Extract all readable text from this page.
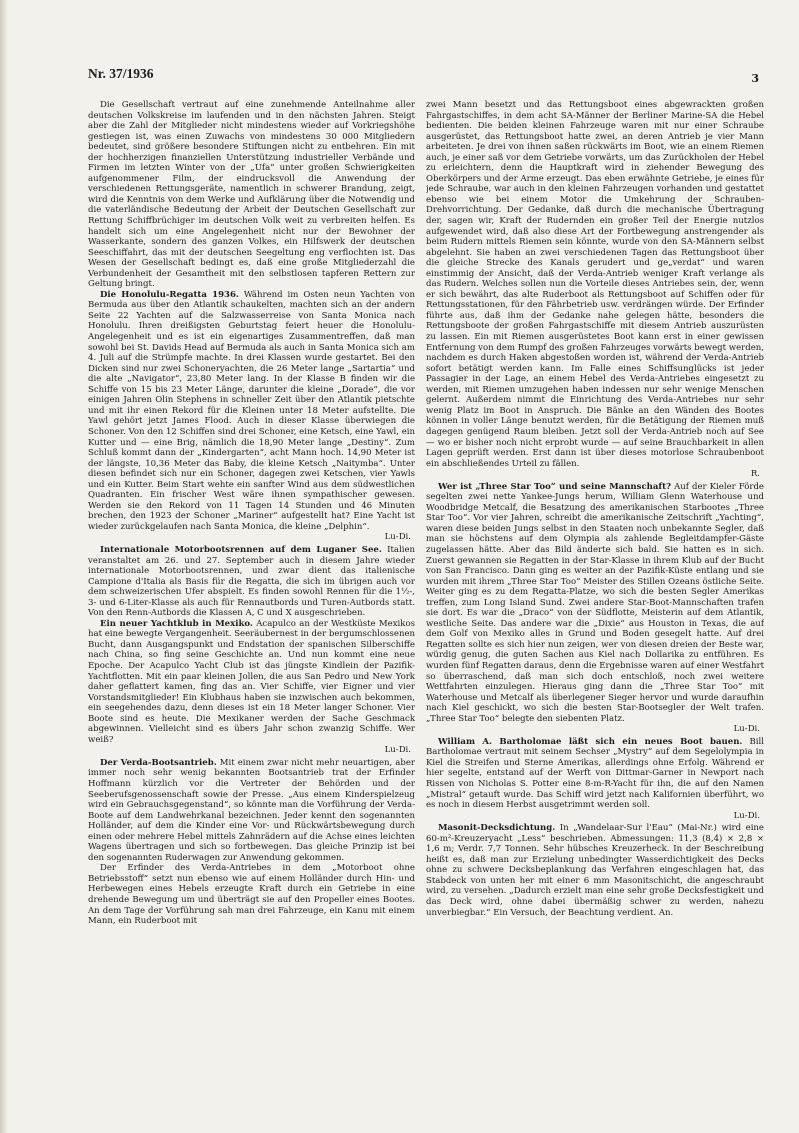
Nr. 37/1936	3

Die Gesellschaft vertraut auf eine zunehmende Anteilnahme aller deutschen Volkskreise im laufenden und in den nächsten Jahren. Steigt aber die Zahl der Mitglieder nicht mindestens wieder auf Vorkriegshöhe gestiegen ist, was einen Zuwachs von mindestens 30 000 Mitgliedern bedeutet, sind größere besondere Stiftungen nicht zu entbehren. Ein mit der hochherzigen finanziellen Unterstützung industrieller Verbände und Firmen im letzten Winter von der „Ufa“ unter großen Schwierigkeiten aufgenommener Film, der eindrucksvoll die Anwendung der verschiedenen Rettungsgeräte, namentlich in schwerer Brandung, zeigt, wird die Kenntnis von dem Werke und Aufklärung über die Notwendig und die vaterländische Bedeutung der Arbeit der Deutschen Gesellschaft zur Rettung Schiffbrüchiger im deutschen Volk weit zu verbreiten helfen. Es handelt sich um eine Angelegenheit nicht nur der Bewohner der Wasserkante, sondern des ganzen Volkes, ein Hilfswerk der deutschen Seeschiffahrt, das mit der deutschen Seegeltung eng verflochten ist. Das Wesen der Gesellschaft bedingt es, daß eine große Mitgliederzahl die Verbundenheit der Gesamtheit mit den selbstlosen tapferen Rettern zur Geltung bringt.

Die Honolulu-Regatta 1936. Während im Osten neun Yachten von Bermuda aus über den Atlantik schaukelten, machten sich an der andern Seite 22 Yachten auf die Salzwasserreise von Santa Monica nach Honolulu. Ihren dreißigsten Geburtstag feiert heuer die Honolulu-Angelegenheit und es ist ein eigenartiges Zusammentreffen, daß man sowohl bei St. Davids Head auf Bermuda als auch in Santa Monica sich am 4. Juli auf die Strümpfe machte. In drei Klassen wurde gestartet. Bei den Dicken sind nur zwei Schoneryachten, die 26 Meter lange „Sartartia“ und die alte „Navigator“, 23,80 Meter lang. In der Klasse B finden wir die Schiffe von 15 bis 23 Meter Länge, darunter die kleine „Dorade“, die vor einigen Jahren Olin Stephens in schneller Zeit über den Atlantik pietschte und mit ihr einen Rekord für die Kleinen unter 18 Meter aufstellte. Die Yawl gehört jetzt James Flood. Auch in dieser Klasse überwiegen die Schoner. Von den 12 Schiffen sind drei Schoner, eine Ketsch, eine Yawl, ein Kutter und — eine Brig, nämlich die 18,90 Meter lange „Destiny“. Zum Schluß kommt dann der „Kindergarten“, acht Mann hoch. 14,90 Meter ist der längste, 10,36 Meter das Baby, die kleine Ketsch „Naitymba“. Unter diesen befindet sich nur ein Schoner, dagegen zwei Ketschen, vier Yawls und ein Kutter. Beim Start wehte ein sanfter Wind aus dem südwestlichen Quadranten. Ein frischer West wäre ihnen sympathischer gewesen. Werden sie den Rekord von 11 Tagen 14 Stunden und 46 Minuten brechen, den 1923 der Schoner „Mariner“ aufgestellt hat? Eine Yacht ist wieder zurückgelaufen nach Santa Monica, die kleine „Delphin“.

Lu-Di.

Internationale Motorbootsrennen auf dem Luganer See. Italien veranstaltet am 26. und 27. September auch in diesem Jahre wieder internationale Motorbootsrennen, und zwar dient das italienische Campione d'Italia als Basis für die Regatta, die sich im übrigen auch vor dem schweizerischen Ufer abspielt. Es finden sowohl Rennen für die 1½-, 3- und 6-Liter-Klasse als auch für Rennautbords und Turen-Autbords statt. Von den Renn-Autbords die Klassen A, C und X ausgeschrieben.

Ein neuer Yachtklub in Mexiko. Acapulco an der Westküste Mexikos hat eine bewegte Vergangenheit. Seeräubernest in der bergumschlossenen Bucht, dann Ausgangspunkt und Endstation der spanischen Silberschiffe nach China, so fing seine Geschichte an. Und nun kommt eine neue Epoche. Der Acapulco Yacht Club ist das jüngste Kindlein der Pazifik-Yachtflotten. Mit ein paar kleinen Jollen, die aus San Pedro und New York daher geflattert kamen, fing das an. Vier Schiffe, vier Eigner und vier Vorstandsmitglieder! Ein Klubhaus haben sie inzwischen auch bekommen, ein seegehendes dazu, denn dieses ist ein 18 Meter langer Schoner. Vier Boote sind es heute. Die Mexikaner werden der Sache Geschmack abgewinnen. Vielleicht sind es übers Jahr schon zwanzig Schiffe. Wer weiß?

Lu-Di.

Der Verda-Bootsantrieb. Mit einem zwar nicht mehr neuartigen, aber immer noch sehr wenig bekannten Bootsantrieb trat der Erfinder Hoffmann kürzlich vor die Vertreter der Behörden und der Seeberufsgenossenschaft sowie der Presse. „Aus einem Kinderspielzeug wird ein Gebrauchsgegenstand“, so könnte man die Vorführung der Verda-Boote auf dem Landwehrkanal bezeichnen. Jeder kennt den sogenannten Holländer, auf dem die Kinder eine Vor- und Rückwärtsbewegung durch einen oder mehrere Hebel mittels Zahnrädern auf die Achse eines leichten Wagens übertragen und sich so fortbewegen. Das gleiche Prinzip ist bei den sogenannten Ruderwagen zur Anwendung gekommen.

Der Erfinder des Verda-Antriebes in dem „Motorboot ohne Betriebsstoff“ setzt nun ebenso wie auf einem Holländer durch Hin- und Herbewegen eines Hebels erzeugte Kraft durch ein Getriebe in eine drehende Bewegung um und überträgt sie auf den Propeller eines Bootes. An dem Tage der Vorführung sah man drei Fahrzeuge, ein Kanu mit einem Mann, ein Ruderboot mit

zwei Mann besetzt und das Rettungsboot eines abgewrackten großen Fahrgastschiffes, in dem acht SA-Männer der Berliner Marine-SA die Hebel bedienten. Die beiden kleinen Fahrzeuge waren mit nur einer Schraube ausgerüstet, das Rettungsboot hatte zwei, an deren Antrieb je vier Mann arbeiteten. Je drei von ihnen saßen rückwärts im Boot, wie an einem Riemen auch, je einer saß vor dem Getriebe vorwärts, um das Zurückholen der Hebel zu erleichtern, denn die Hauptkraft wird in ziehender Bewegung des Oberkörpers und der Arme erzeugt. Das eben erwähnte Getriebe, je eines für jede Schraube, war auch in den kleinen Fahrzeugen vorhanden und gestattet ebenso wie bei einem Motor die Umkehrung der Schrauben-Drehvorrichtung. Der Gedanke, daß durch die mechanische Übertragung der, sagen wir, Kraft der Rudernden ein großer Teil der Energie nutzlos aufgewendet wird, daß also diese Art der Fortbewegung anstrengender als beim Rudern mittels Riemen sein könnte, wurde von den SA-Männern selbst abgelehnt. Sie haben an zwei verschiedenen Tagen das Rettungsboot über die gleiche Strecke des Kanals gerudert und ge„verdat“ und waren einstimmig der Ansicht, daß der Verda-Antrieb weniger Kraft verlange als das Rudern. Welches sollen nun die Vorteile dieses Antriebes sein, der, wenn er sich bewährt, das alte Ruderboot als Rettungsboot auf Schiffen oder für Rettungsstationen, für den Fährbetrieb usw. verdrängen würde. Der Erfinder führte aus, daß ihm der Gedanke nahe gelegen hätte, besonders die Rettungsboote der großen Fahrgastschiffe mit diesem Antrieb auszurüsten zu lassen. Ein mit Riemen ausgerüstetes Boot kann erst in einer gewissen Entfernung von dem Rumpf des großen Fahrzeuges vorwärts bewegt werden, nachdem es durch Haken abgestoßen worden ist, während der Verda-Antrieb sofort betätigt werden kann. Im Falle eines Schiffsunglücks ist jeder Passagier in der Lage, an einem Hebel des Verda-Antriebes eingesetzt zu werden, mit Riemen umzugehen haben indessen nur sehr wenige Menschen gelernt. Außerdem nimmt die Einrichtung des Verda-Antriebes nur sehr wenig Platz im Boot in Anspruch. Die Bänke an den Wänden des Bootes können in voller Länge benutzt werden, für die Betätigung der Riemen muß dagegen genügend Raum bleiben. Jetzt soll der Verda-Antrieb noch auf See — wo er bisher noch nicht erprobt wurde — auf seine Brauchbarkeit in allen Lagen geprüft werden. Erst dann ist über dieses motorlose Schraubenboot ein abschließendes Urteil zu fällen.

R.

Wer ist „Three Star Too“ und seine Mannschaft? Auf der Kieler Förde segelten zwei nette Yankee-Jungs herum, William Glenn Waterhouse und Woodbridge Metcalf, die Besatzung des amerikanischen Starbootes „Three Star Too“. Vor vier Jahren, schreibt die amerikanische Zeitschrift „Yachting“, waren diese beiden Jungs selbst in den Staaten noch unbekannte Segler, daß man sie höchstens auf dem Olympia als zahlende Begleitdampfer-Gäste zugelassen hätte. Aber das Bild änderte sich bald. Sie hatten es in sich. Zuerst gewannen sie Regatten in der Star-Klasse in ihrem Klub auf der Bucht von San Francisco. Dann ging es weiter an der Pazifik-Küste entlang und sie wurden mit ihrem „Three Star Too“ Meister des Stillen Ozeans östliche Seite. Weiter ging es zu dem Regatta-Platze, wo sich die besten Segler Amerikas treffen, zum Long Island Sund. Zwei andere Star-Boot-Mannschaften trafen sie dort. Es war die „Draco“ von der Südflotte, Meisterin auf dem Atlantik, westliche Seite. Das andere war die „Dixie“ aus Houston in Texas, die auf dem Golf von Mexiko alles in Grund und Boden gesegelt hatte. Auf drei Regatten sollte es sich hier nun zeigen, wer von diesen dreien der Beste war, würdig genug, die guten Sachen aus Kiel nach Dollarika zu entführen. Es wurden fünf Regatten daraus, denn die Ergebnisse waren auf einer Westfahrt so überraschend, daß man sich doch entschloß, noch zwei weitere Wettfahrten einzulegen. Hieraus ging dann die „Three Star Too“ mit Waterhouse und Metcalf als überlegener Sieger hervor und wurde daraufhin nach Kiel geschickt, wo sich die besten Star-Bootsegler der Welt trafen. „Three Star Too“ belegte den siebenten Platz.

Lu-Di.

William A. Bartholomae läßt sich ein neues Boot bauen. Bill Bartholomae vertraut mit seinem Sechser „Mystry“ auf dem Segelolympia in Kiel die Streifen und Sterne Amerikas, allerdings ohne Erfolg. Während er hier segelte, entstand auf der Werft von Dittmar-Garner in Newport nach Rissen von Nicholas S. Potter eine 8-m-R-Yacht für ihn, die auf den Namen „Mistral“ getauft wurde. Das Schiff wird jetzt nach Kalifornien überführt, wo es noch in diesem Herbst ausgetrimmt werden soll.

Lu-Di.

Masonit-Decksdichtung. In „Wandelaar-Sur l'Eau“ (Mai-Nr.) wird eine 60-m²-Kreuzeryacht „Less“ beschrieben. Abmessungen: 11,3 (8,4) × 2,8 × 1,6 m; Verdr. 7,7 Tonnen. Sehr hübsches Kreuzerheck. In der Beschreibung heißt es, daß man zur Erzielung unbedingter Wasserdichtigkeit des Decks ohne zu schwere Decksbeplankung das Verfahren eingeschlagen hat, das Stabdeck von unten her mit einer 6 mm Masonitschicht, die angeschraubt wird, zu versehen. „Dadurch erzielt man eine sehr große Decksfestigkeit und das Deck wird, ohne dabei übermäßig schwer zu werden, nahezu unverbiegbar.“ Ein Versuch, der Beachtung verdient. An.
